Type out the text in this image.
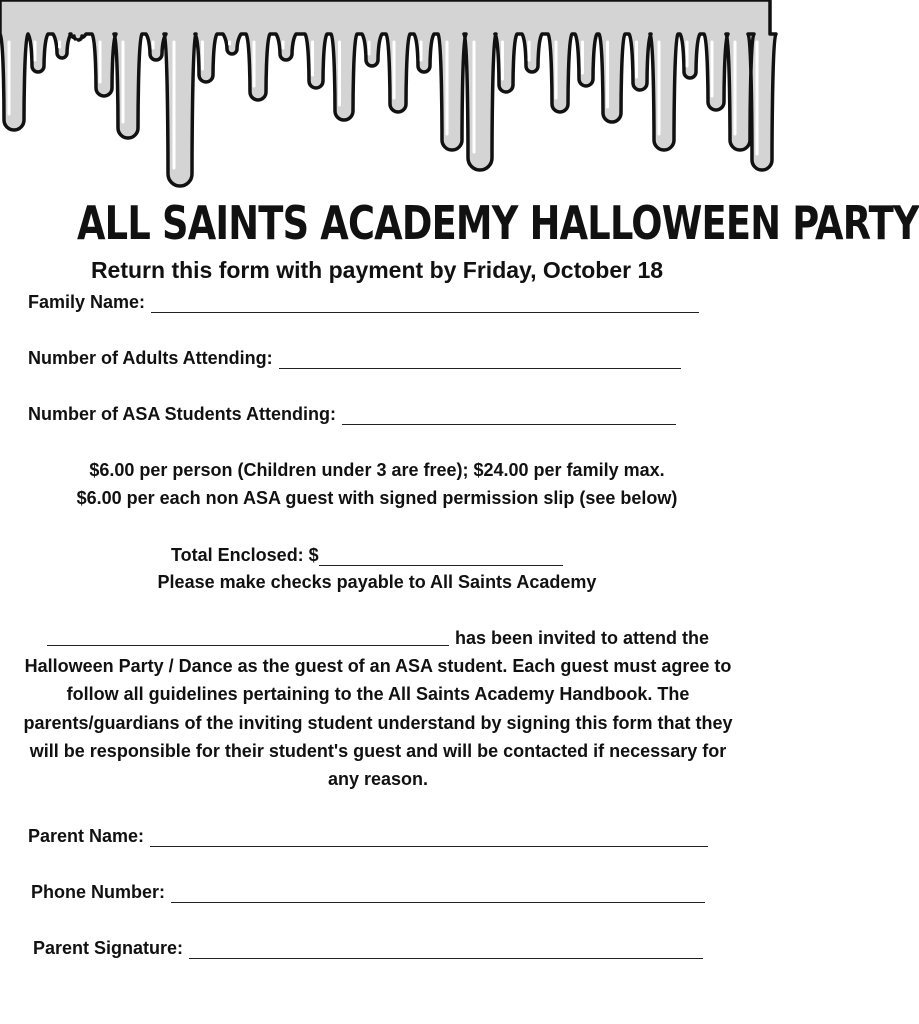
ALL SAINTS ACADEMY HALLOWEEN PARTY
Return this form with payment by Friday, October 18
Family Name:
Number of Adults Attending:
Number of ASA Students Attending:
$6.00 per person (Children under 3 are free); $24.00 per family max.
$6.00 per each non ASA guest with signed permission slip (see below)
Total Enclosed: $
Please make checks payable to All Saints Academy
has been invited to attend the Halloween Party / Dance as the guest of an ASA student. Each guest must agree to follow all guidelines pertaining to the All Saints Academy Handbook. The parents/guardians of the inviting student understand by signing this form that they will be responsible for their student's guest and will be contacted if necessary for any reason.
Parent Name:
Phone Number:
Parent Signature:
